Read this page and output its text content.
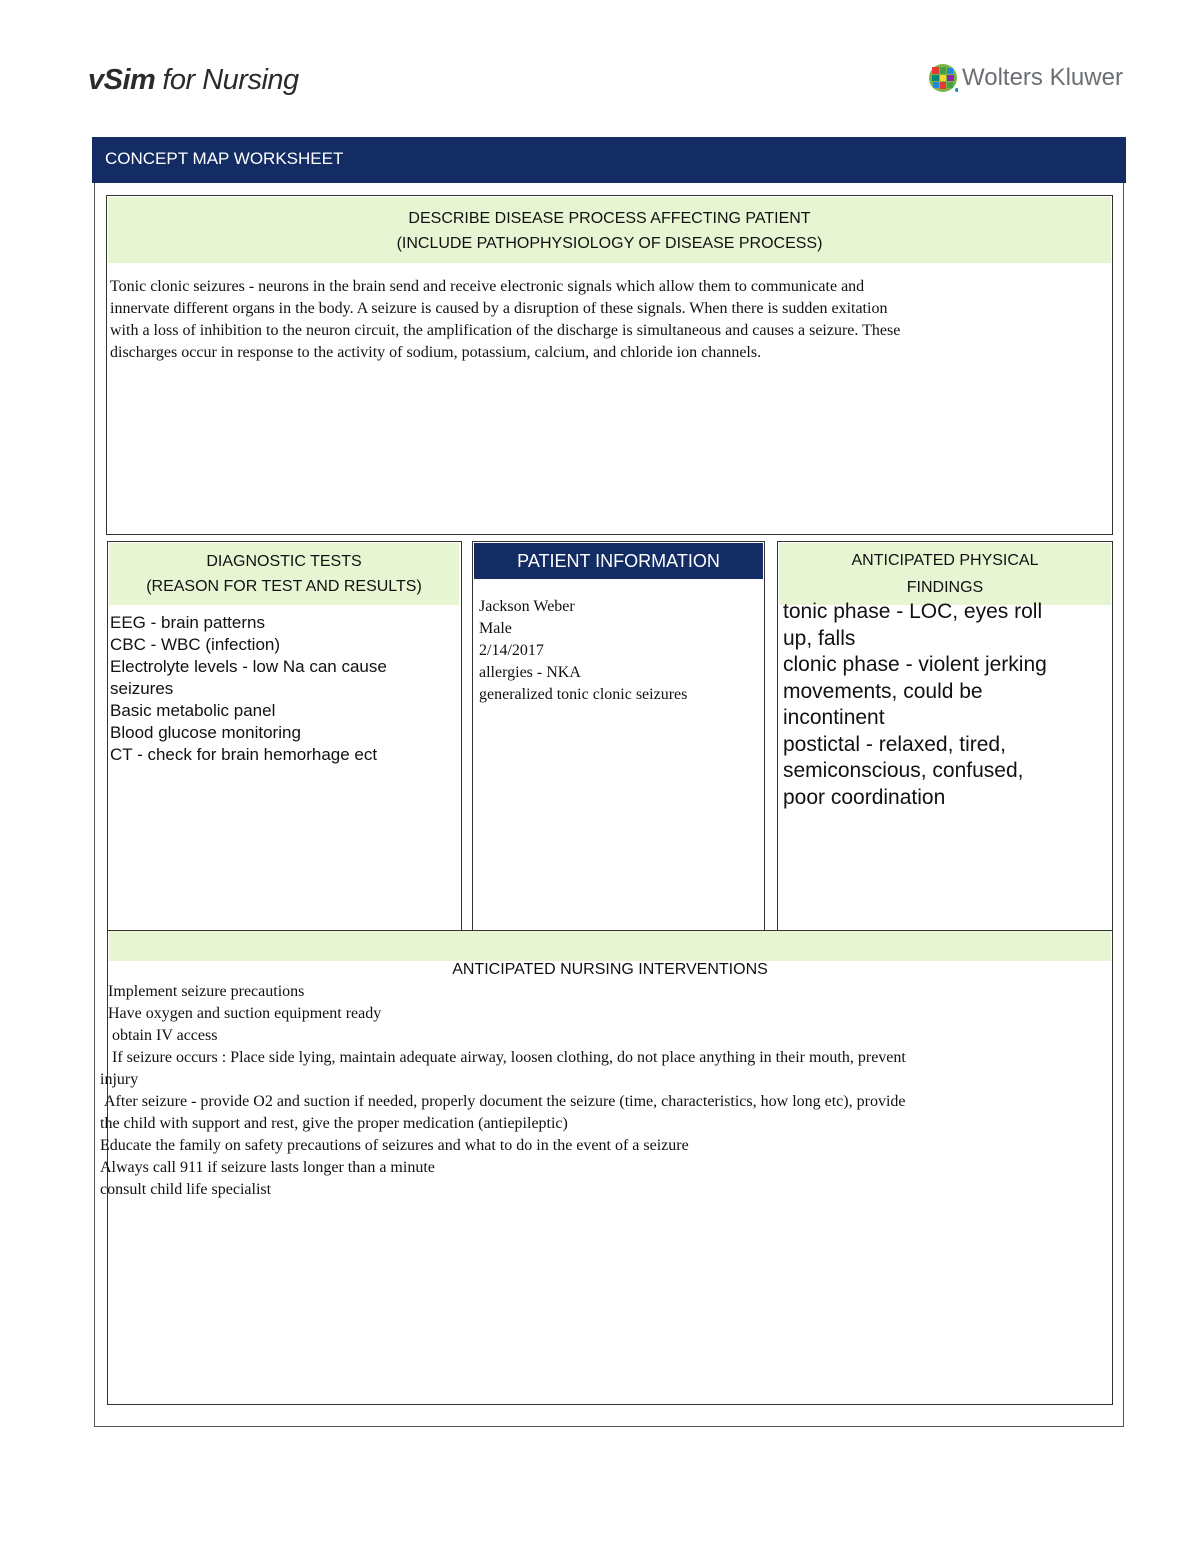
vSim for Nursing	Wolters Kluwer
CONCEPT MAP WORKSHEET
DESCRIBE DISEASE PROCESS AFFECTING PATIENT
(INCLUDE PATHOPHYSIOLOGY OF DISEASE PROCESS)
Tonic clonic seizures - neurons in the brain send and receive electronic signals which allow them to communicate and
innervate different organs in the body. A seizure is caused by a disruption of these signals. When there is sudden exitation
with a loss of inhibition to the neuron circuit, the amplification of the discharge is simultaneous and causes a seizure. These
discharges occur in response to the activity of sodium, potassium, calcium, and chloride ion channels.
DIAGNOSTIC TESTS
(REASON FOR TEST AND RESULTS)
EEG - brain patterns
CBC - WBC (infection)
Electrolyte levels - low Na can cause
seizures
Basic metabolic panel
Blood glucose monitoring
CT - check for brain hemorhage ect
PATIENT INFORMATION
Jackson Weber
Male
2/14/2017
allergies - NKA
generalized tonic clonic seizures
ANTICIPATED PHYSICAL
FINDINGS
tonic phase - LOC, eyes roll
up, falls
clonic phase - violent jerking
movements, could be
incontinent
postictal - relaxed, tired,
semiconscious, confused,
poor coordination
ANTICIPATED NURSING INTERVENTIONS
Implement seizure precautions
Have oxygen and suction equipment ready
obtain IV access
If seizure occurs : Place side lying, maintain adequate airway, loosen clothing, do not place anything in their mouth, prevent
injury
After seizure - provide O2 and suction if needed, properly document the seizure (time, characteristics, how long etc), provide
the child with support and rest, give the proper medication (antiepileptic)
Educate the family on safety precautions of seizures and what to do in the event of a seizure
Always call 911 if seizure lasts longer than a minute
consult child life specialist
